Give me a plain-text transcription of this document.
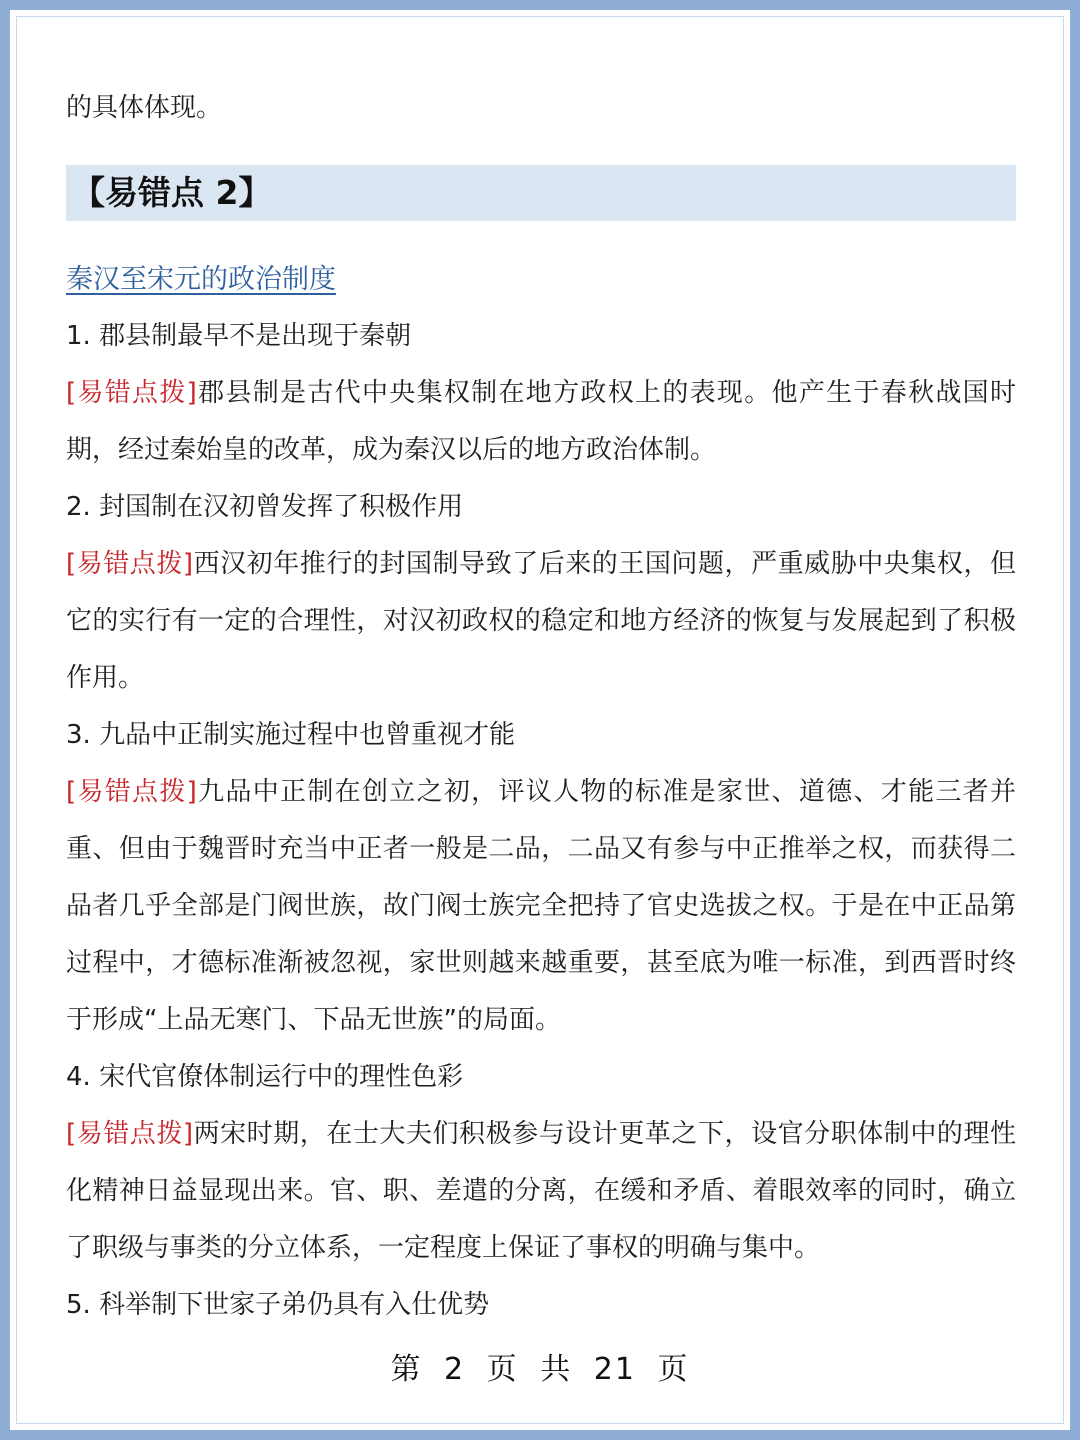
的具体体现。

【易错点 2】
秦汉至宋元的政治制度

1. 郡县制最早不是出现于秦朝

[易错点拨]郡县制是古代中央集权制在地方政权上的表现。他产生于春秋战国时期，经过秦始皇的改革，成为秦汉以后的地方政治体制。

2. 封国制在汉初曾发挥了积极作用

[易错点拨]西汉初年推行的封国制导致了后来的王国问题，严重威胁中央集权，但它的实行有一定的合理性，对汉初政权的稳定和地方经济的恢复与发展起到了积极作用。

3. 九品中正制实施过程中也曾重视才能

[易错点拨]九品中正制在创立之初，评议人物的标准是家世、道德、才能三者并重、但由于魏晋时充当中正者一般是二品，二品又有参与中正推举之权，而获得二品者几乎全部是门阀世族，故门阀士族完全把持了官史选拔之权。于是在中正品第过程中，才德标准渐被忽视，家世则越来越重要，甚至底为唯一标准，到西晋时终于形成“上品无寒门、下品无世族”的局面。

4. 宋代官僚体制运行中的理性色彩

[易错点拨]两宋时期，在士大夫们积极参与设计更革之下，设官分职体制中的理性化精神日益显现出来。官、职、差遣的分离，在缓和矛盾、着眼效率的同时，确立了职级与事类的分立体系，一定程度上保证了事权的明确与集中。

5. 科举制下世家子弟仍具有入仕优势

第 2 页 共 21 页
